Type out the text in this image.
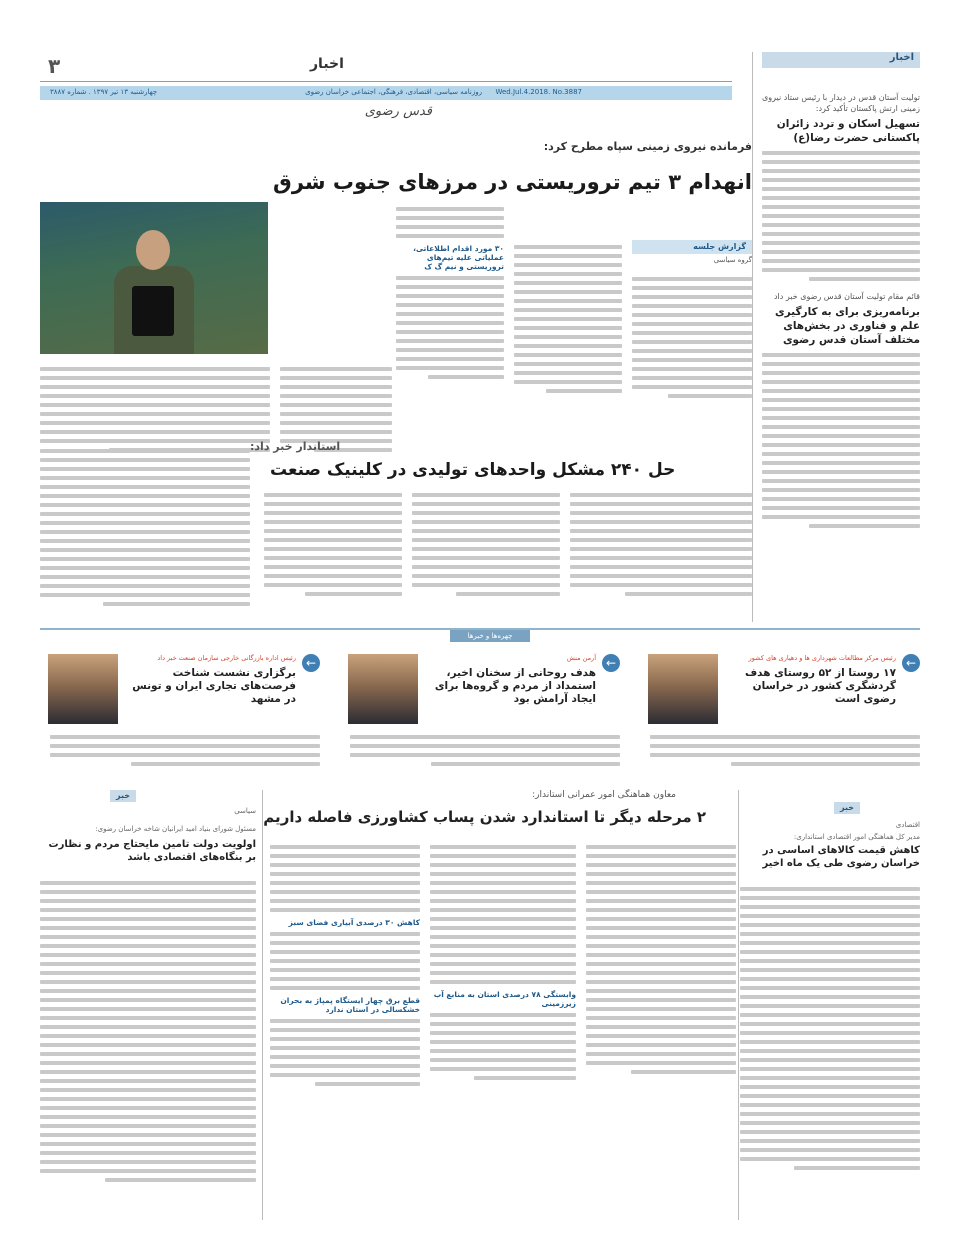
اخبار
۳
روزنامه سیاسی، اقتصادی، فرهنگی، اجتماعی خراسان رضوی Wed.Jul.4.2018. No.3887
چهارشنبه ۱۳ تیر ۱۳۹۷ . شماره ۳۸۸۷
قدس رضوی
اخبار
تولیت آستان قدس در دیدار با رئیس ستاد نیروی زمینی ارتش پاکستان تأکید کرد:
تسهیل اسکان و تردد زائران پاکستانی حضرت رضا(ع)
قائم مقام تولیت آستان قدس رضوی خبر داد
برنامه‌ریزی برای به کارگیری علم و فناوری در بخش‌های مختلف آستان قدس رضوی
فرمانده نیروی زمینی سپاه مطرح کرد:
انهدام ۳ تیم تروریستی در مرزهای جنوب شرق
گزارش جلسه
گروه سیاسی
۳۰ مورد اقدام اطلاعاتی، عملیاتی علیه تیم‌های تروریستی و نیم گ ک
استاندار خبر داد:
حل ۲۴۰ مشکل واحدهای تولیدی در کلینیک صنعت
چهره‌ها و خبرها
←
رئیس مرکز مطالعات شهرداری ها و دهیاری های کشور
۱۷ روستا از ۵۲ روستای هدف گردشگری کشور در خراسان رضوی است
←
آرمن منش
هدف روحانی از سخنان اخیر، استمداد از مردم و گروه‌ها برای ایجاد آرامش بود
←
رئیس اداره بازرگانی خارجی سازمان صنعت خبر داد
برگزاری نشست شناخت فرصت‌های تجاری ایران و تونس در مشهد
خبر
سیاسی
مسئول شورای بنیاد امید ایرانیان شاخه خراسان رضوی:
اولویت دولت تامین مایحتاج مردم و نظارت بر بنگاه‌های اقتصادی باشد
معاون هماهنگی امور عمرانی استاندار:
۲ مرحله دیگر تا استاندارد شدن پساب کشاورزی فاصله داریم
وابستگی ۷۸ درصدی استان به منابع آب زیرزمینی
کاهش ۳۰ درصدی آبیاری فضای سبز
قطع برق چهار ایستگاه پمپاژ به بحران خشکسالی در استان ندارد
خبر
اقتصادی
مدیر کل هماهنگی امور اقتصادی استانداری:
کاهش قیمت کالاهای اساسی در خراسان رضوی طی یک ماه اخیر
